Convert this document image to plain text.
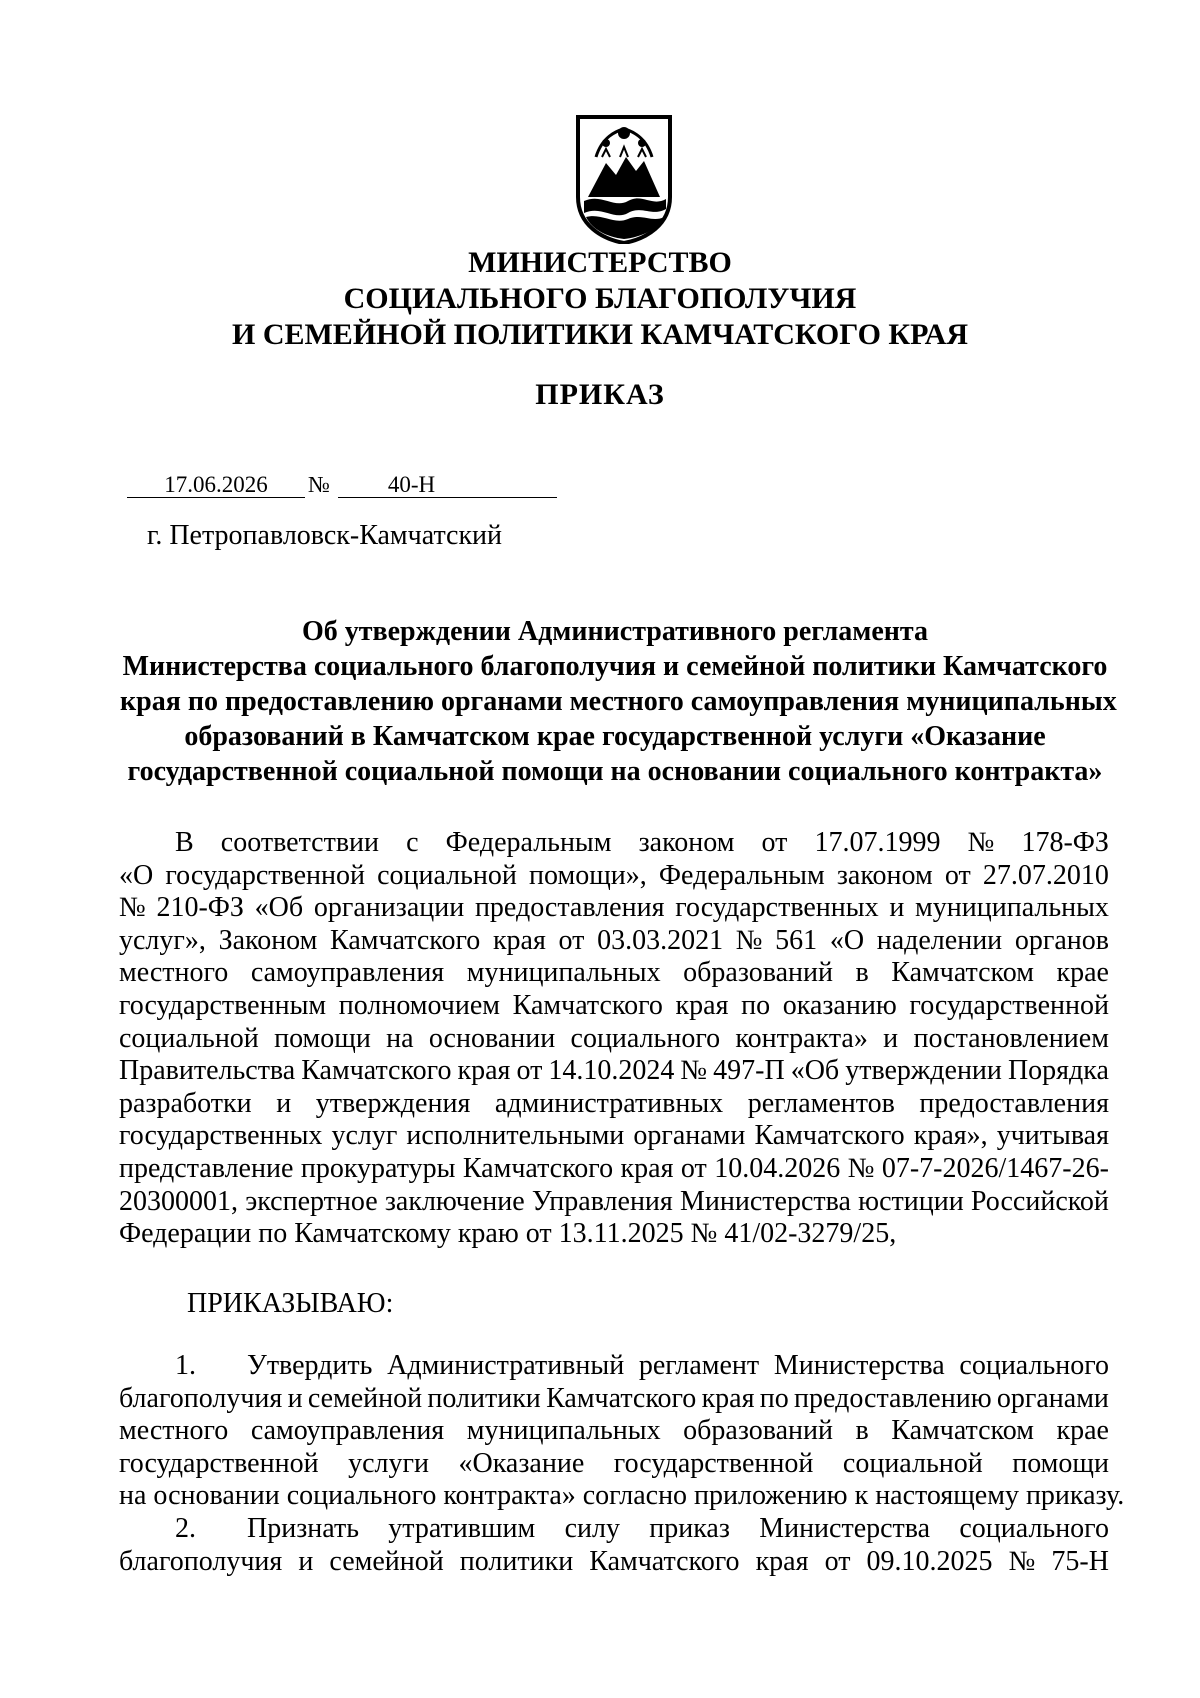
МИНИСТЕРСТВО
СОЦИАЛЬНОГО БЛАГОПОЛУЧИЯ
И СЕМЕЙНОЙ ПОЛИТИКИ КАМЧАТСКОГО КРАЯ
ПРИКАЗ
17.06.2026	№	40-Н
г. Петропавловск-Камчатский
Об утверждении Административного регламента
Министерства социального благополучия и семейной политики Камчатского
края по предоставлению органами местного самоуправления муниципальных
образований в Камчатском крае государственной услуги «Оказание
государственной социальной помощи на основании социального контракта»
В соответствии с Федеральным законом от 17.07.1999 № 178-ФЗ
«О государственной социальной помощи», Федеральным законом от 27.07.2010
№ 210-ФЗ «Об организации предоставления государственных и муниципальных
услуг», Законом Камчатского края от 03.03.2021 № 561 «О наделении органов
местного самоуправления муниципальных образований в Камчатском крае
государственным полномочием Камчатского края по оказанию государственной
социальной помощи на основании социального контракта» и постановлением
Правительства Камчатского края от 14.10.2024 № 497-П «Об утверждении Порядка
разработки и утверждения административных регламентов предоставления
государственных услуг исполнительными органами Камчатского края», учитывая
представление прокуратуры Камчатского края от 10.04.2026 № 07-7-2026/1467-26-
20300001, экспертное заключение Управления Министерства юстиции Российской
Федерации по Камчатскому краю от 13.11.2025 № 41/02-3279/25,
ПРИКАЗЫВАЮ:
1.	Утвердить Административный регламент Министерства социального
благополучия и семейной политики Камчатского края по предоставлению органами
местного самоуправления муниципальных образований в Камчатском крае
государственной услуги «Оказание государственной социальной помощи
на основании социального контракта» согласно приложению к настоящему приказу.
2.	Признать утратившим силу приказ Министерства социального
благополучия и семейной политики Камчатского края от 09.10.2025 № 75-Н
